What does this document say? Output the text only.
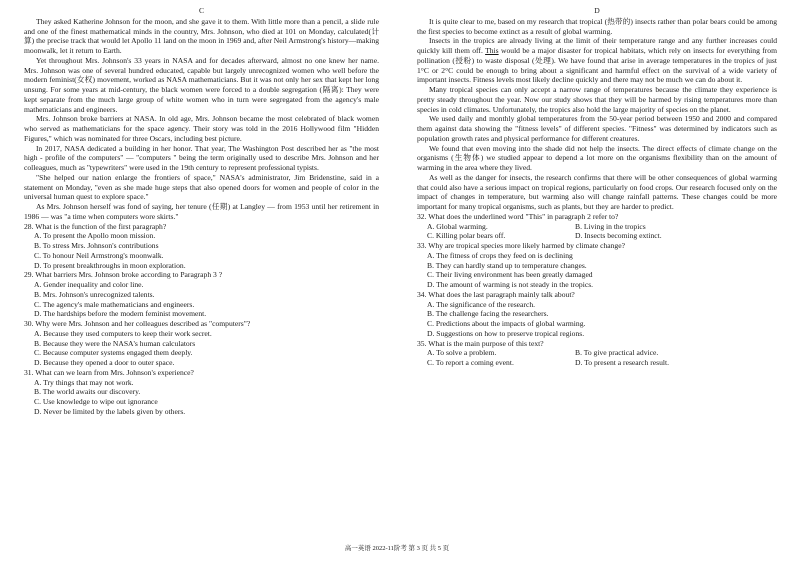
C

They asked Katherine Johnson for the moon, and she gave it to them. With little more than a pencil, a slide rule and one of the finest mathematical minds in the country, Mrs. Johnson, who died at 101 on Monday, calculated(计算) the precise track that would let Apollo 11 land on the moon in 1969 and, after Neil Armstrong's history—making moonwalk, let it return to Earth.

Yet throughout Mrs. Johnson's 33 years in NASA and for decades afterward, almost no one knew her name. Mrs. Johnson was one of several hundred educated, capable but largely unrecognized women who well before the modern feminist(女权) movement, worked as NASA mathematicians. But it was not only her sex that kept her long unsung. For some years at mid-century, the black women were forced to a double segregation (隔离): They were kept separate from the much large group of white women who in turn were segregated from the agency's male mathematicians and engineers.

Mrs. Johnson broke barriers at NASA. In old age, Mrs. Johnson became the most celebrated of black women who served as mathematicians for the space agency. Their story was told in the 2016 Hollywood film "Hidden Figures," which was nominated for three Oscars, including best picture.

In 2017, NASA dedicated a building in her honor. That year, The Washington Post described her as "the most high - profile of the computers" — "computers " being the term originally used to describe Mrs. Johnson and her colleagues, much as "typewriters" were used in the 19th century to represent professional typists.

"She helped our nation enlarge the frontiers of space," NASA's administrator, Jim Bridenstine, said in a statement on Monday, "even as she made huge steps that also opened doors for women and people of color in the universal human quest to explore space."

As Mrs. Johnson herself was fond of saying, her tenure (任期) at Langley — from 1953 until her retirement in 1986 — was "a time when computers wore skirts."

28. What is the function of the first paragraph?

A. To present the Apollo moon mission.

B. To stress Mrs. Johnson's contributions

C. To honour Neil Armstrong's moonwalk.

D. To present breakthroughs in moon exploration.

29. What barriers Mrs. Johnson broke according to Paragraph 3 ?

A. Gender inequality and color line.

B. Mrs. Johnson's unrecognized talents.

C. The agency's male mathematicians and engineers.

D. The hardships before the modern feminist movement.

30. Why were Mrs. Johnson and her colleagues described as "computers"?

A. Because they used computers to keep their work secret.

B. Because they were the NASA's human calculators

C. Because computer systems engaged them deeply.

D. Because they opened a door to outer space.

31. What can we learn from Mrs. Johnson's experience?

A. Try things that may not work.

B. The world awaits our discovery.

C. Use knowledge to wipe out ignorance

D. Never be limited by the labels given by others.

D

It is quite clear to me, based on my research that tropical (热带的) insects rather than polar bears could be among the first species to become extinct as a result of global warming.

Insects in the tropics are already living at the limit of their temperature range and any further increases could quickly kill them off. This would be a major disaster for tropical habitats, which rely on insects for everything from pollination (授粉) to waste disposal (处理). We have found that arise in average temperatures in the tropics of just 1°C or 2°C could be enough to bring about a significant and harmful effect on the survival of a wide variety of important insects. Fitness levels most likely decline quickly and there may not be much we can do about it.

Many tropical species can only accept a narrow range of temperatures because the climate they experience is pretty steady throughout the year. Now our study shows that they will be harmed by rising temperatures more than species in cold climates. Unfortunately, the tropics also hold the large majority of species on the planet.

We used daily and monthly global temperatures from the 50-year period between 1950 and 2000 and compared them against data showing the "fitness levels" of different species. "Fitness" was determined by indicators such as population growth rates and physical performance for different creatures.

We found that even moving into the shade did not help the insects. The direct effects of climate change on the organisms (生物体) we studied appear to depend a lot more on the organisms flexibility than on the amount of warming in the area where they lived.

As well as the danger for insects, the research confirms that there will be other consequences of global warming that could also have a serious impact on tropical regions, particularly on food crops. Our research focused only on the impact of changes in temperature, but warming also will change rainfall patterns. These changes could be more important for many tropical organisms, such as plants, but they are harder to predict.

32. What does the underlined word "This" in paragraph 2 refer to?

A. Global warming.	B. Living in the tropics
C. Killing polar bears off.	D. Insects becoming extinct.

33. Why are tropical species more likely harmed by climate change?

A. The fitness of crops they feed on is declining

B. They can hardly stand up to temperature changes.

C. Their living environment has been greatly damaged

D. The amount of warming is not steady in the tropics.

34. What does the last paragraph mainly talk about?

A. The significance of the research.

B. The challenge facing the researchers.

C. Predictions about the impacts of global warming.

D. Suggestions on how to preserve tropical regions.

35. What is the main purpose of this text?

A. To solve a problem.	B. To give practical advice.
C. To report a coming event.	D. To present a research result.
高一英语 2022-11阶考 第 3 页 共 5 页
